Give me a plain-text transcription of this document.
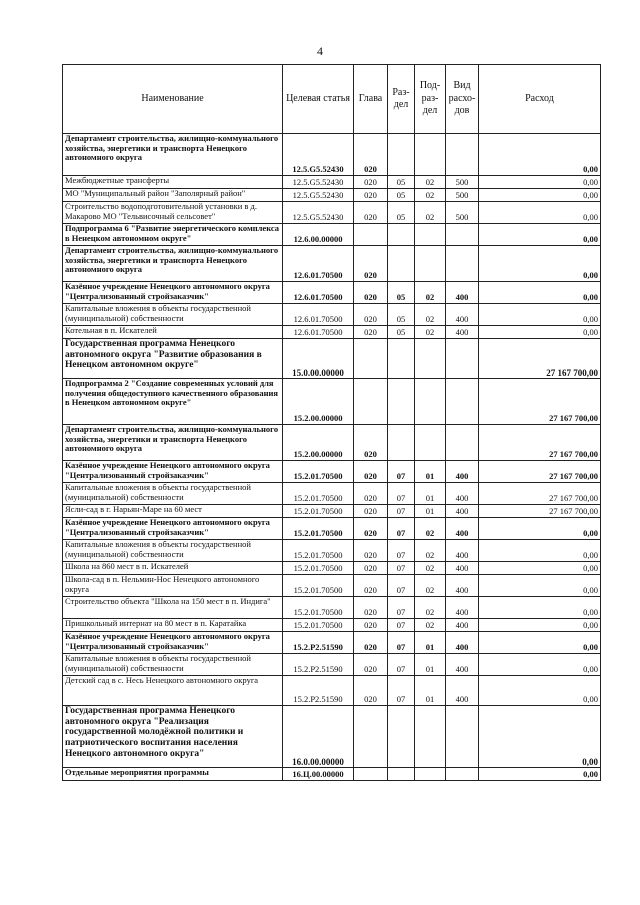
4
Наименование	Целевая статья	Глава	Раз-дел	Под-раз-дел	Вид расхо-дов	Расход
Департамент строительства, жилищно-коммунального хозяйства, энергетики и транспорта Ненецкого автономного округа	12.5.G5.52430	020				0,00
Межбюджетные трансферты	12.5.G5.52430	020	05	02	500	0,00
МО "Муниципальный район "Заполярный район"	12.5.G5.52430	020	05	02	500	0,00
Строительство водоподготовительной установки в д. Макарово МО "Тельвисочный сельсовет"	12.5.G5.52430	020	05	02	500	0,00
Подпрограмма 6 "Развитие энергетического комплекса в Ненецком автономном округе"	12.6.00.00000					0,00
Департамент строительства, жилищно-коммунального хозяйства, энергетики и транспорта Ненецкого автономного округа	12.6.01.70500	020				0,00
Казённое учреждение Ненецкого автономного округа "Централизованный стройзаказчик"	12.6.01.70500	020	05	02	400	0,00
Капитальные вложения в объекты государственной (муниципальной) собственности	12.6.01.70500	020	05	02	400	0,00
Котельная в п. Искателей	12.6.01.70500	020	05	02	400	0,00
Государственная программа Ненецкого автономного округа "Развитие образования в Ненецком автономном округе"	15.0.00.00000					27 167 700,00
Подпрограмма 2 "Создание современных условий для получения общедоступного качественного образования в Ненецком автономном округе"	15.2.00.00000					27 167 700,00
Департамент строительства, жилищно-коммунального хозяйства, энергетики и транспорта Ненецкого автономного округа	15.2.00.00000	020				27 167 700,00
Казённое учреждение Ненецкого автономного округа "Централизованный стройзаказчик"	15.2.01.70500	020	07	01	400	27 167 700,00
Капитальные вложения в объекты государственной (муниципальной) собственности	15.2.01.70500	020	07	01	400	27 167 700,00
Ясли-сад в г. Нарьян-Маре на 60 мест	15.2.01.70500	020	07	01	400	27 167 700,00
Казённое учреждение Ненецкого автономного округа "Централизованный стройзаказчик"	15.2.01.70500	020	07	02	400	0,00
Капитальные вложения в объекты государственной (муниципальной) собственности	15.2.01.70500	020	07	02	400	0,00
Школа на 860 мест в п. Искателей	15.2.01.70500	020	07	02	400	0,00
Школа-сад в п. Нельмин-Нос Ненецкого автономного округа	15.2.01.70500	020	07	02	400	0,00
Строительство объекта "Школа на 150 мест в п. Индига"	15.2.01.70500	020	07	02	400	0,00
Пришкольный интернат на 80 мест в п. Каратайка	15.2.01.70500	020	07	02	400	0,00
Казённое учреждение Ненецкого автономного округа "Централизованный стройзаказчик"	15.2.P2.51590	020	07	01	400	0,00
Капитальные вложения в объекты государственной (муниципальной) собственности	15.2.P2.51590	020	07	01	400	0,00
Детский сад в с. Несь Ненецкого автономного округа	15.2.P2.51590	020	07	01	400	0,00
Государственная программа Ненецкого автономного округа "Реализация государственной молодёжной политики и патриотического воспитания населения Ненецкого автономного округа"	16.0.00.00000					0,00
Отдельные мероприятия программы	16.Ц.00.00000					0,00
